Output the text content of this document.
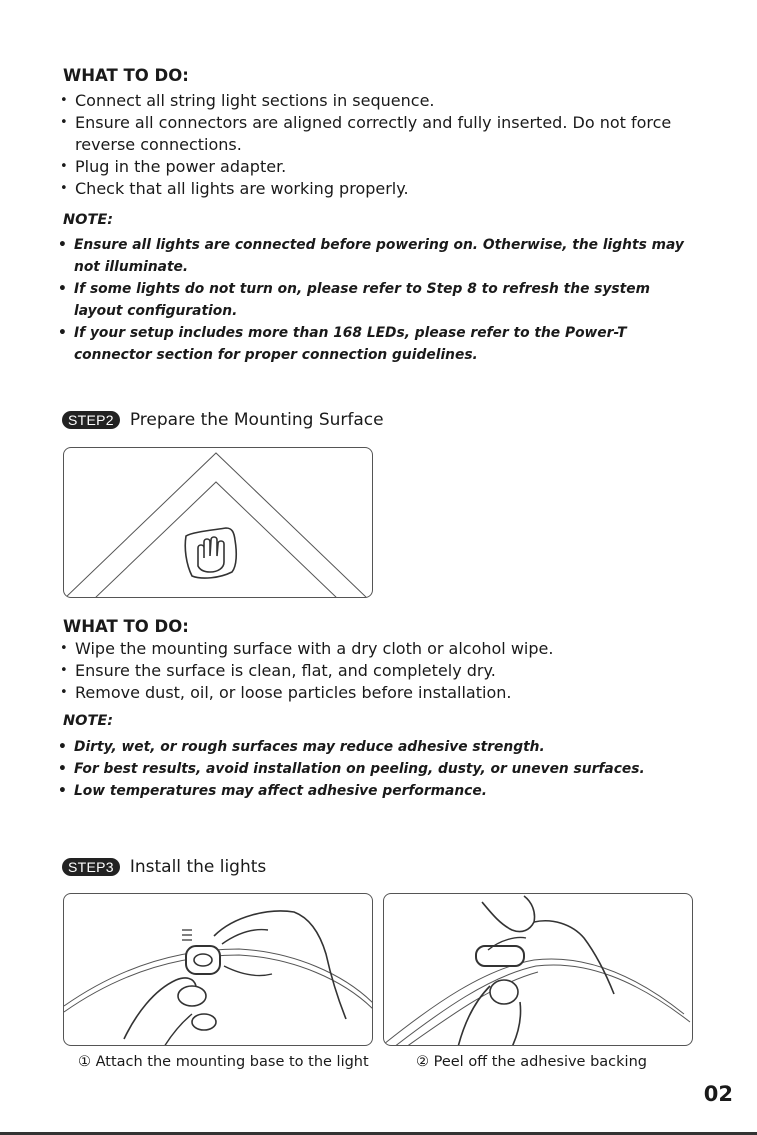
WHAT TO DO:
• Connect all string light sections in sequence.
• Ensure all connectors are aligned correctly and fully inserted. Do not force reverse connections.
• Plug in the power adapter.
• Check that all lights are working properly.
NOTE:
• Ensure all lights are connected before powering on. Otherwise, the lights may not illuminate.
• If some lights do not turn on, please refer to Step 8 to refresh the system layout configuration.
• If your setup includes more than 168 LEDs, please refer to the Power-T connector section for proper connection guidelines.
STEP2 Prepare the Mounting Surface
WHAT TO DO:
• Wipe the mounting surface with a dry cloth or alcohol wipe.
• Ensure the surface is clean, flat, and completely dry.
• Remove dust, oil, or loose particles before installation.
NOTE:
• Dirty, wet, or rough surfaces may reduce adhesive strength.
• For best results, avoid installation on peeling, dusty, or uneven surfaces.
• Low temperatures may affect adhesive performance.
STEP3 Install the lights
① Attach the mounting base to the light	② Peel off the adhesive backing
02
